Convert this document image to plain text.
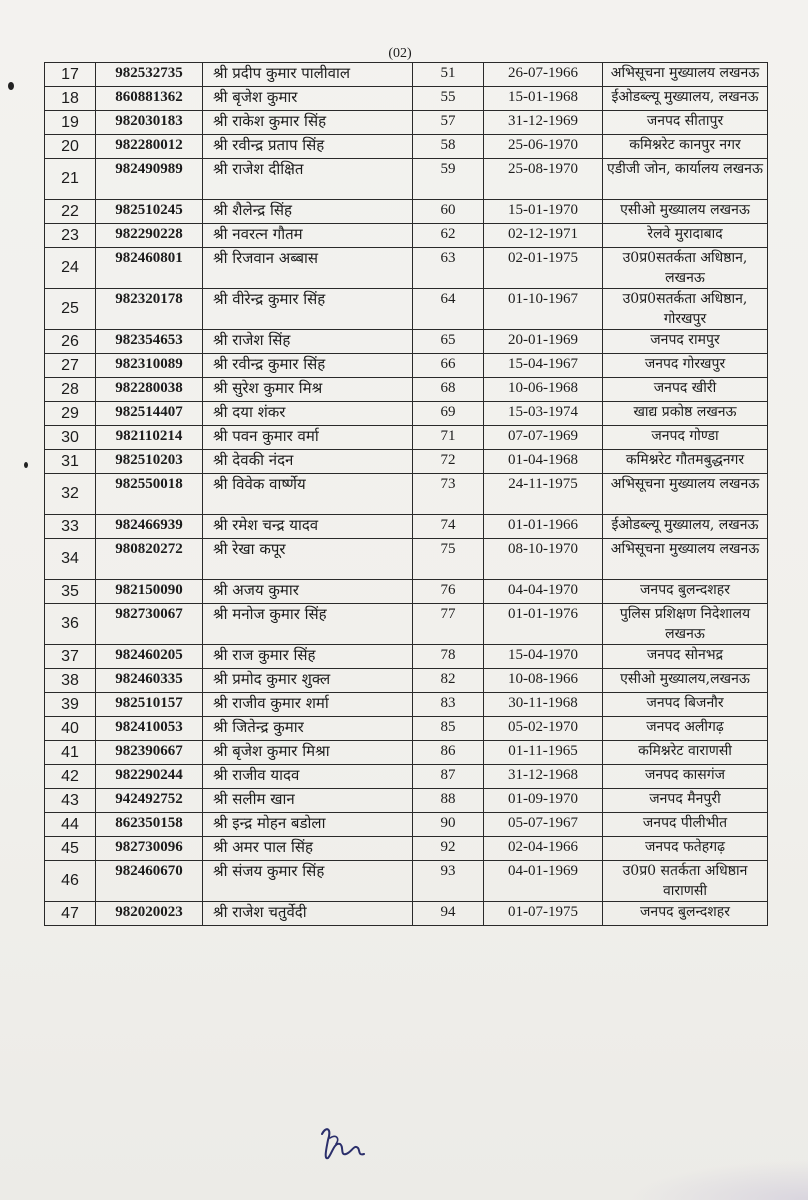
(02)
17	982532735	श्री प्रदीप कुमार पालीवाल	51	26-07-1966	अभिसूचना मुख्यालय लखनऊ
18	860881362	श्री बृजेश कुमार	55	15-01-1968	ईओडब्ल्यू मुख्यालय, लखनऊ
19	982030183	श्री राकेश कुमार सिंह	57	31-12-1969	जनपद सीतापुर
20	982280012	श्री रवीन्द्र प्रताप सिंह	58	25-06-1970	कमिश्नरेट कानपुर नगर
21	982490989	श्री राजेश दीक्षित	59	25-08-1970	एडीजी जोन, कार्यालय लखनऊ
22	982510245	श्री शैलेन्द्र सिंह	60	15-01-1970	एसीओ मुख्यालय लखनऊ
23	982290228	श्री नवरत्न गौतम	62	02-12-1971	रेलवे मुरादाबाद
24	982460801	श्री रिजवान अब्बास	63	02-01-1975	उ0प्र0सतर्कता अधिष्ठान, लखनऊ
25	982320178	श्री वीरेन्द्र कुमार सिंह	64	01-10-1967	उ0प्र0सतर्कता अधिष्ठान, गोरखपुर
26	982354653	श्री राजेश सिंह	65	20-01-1969	जनपद रामपुर
27	982310089	श्री रवीन्द्र कुमार सिंह	66	15-04-1967	जनपद गोरखपुर
28	982280038	श्री सुरेश कुमार मिश्र	68	10-06-1968	जनपद खीरी
29	982514407	श्री दया शंकर	69	15-03-1974	खाद्य प्रकोष्ठ लखनऊ
30	982110214	श्री पवन कुमार वर्मा	71	07-07-1969	जनपद गोण्डा
31	982510203	श्री देवकी नंदन	72	01-04-1968	कमिश्नरेट गौतमबुद्धनगर
32	982550018	श्री विवेक वार्ष्णेय	73	24-11-1975	अभिसूचना मुख्यालय लखनऊ
33	982466939	श्री रमेश चन्द्र यादव	74	01-01-1966	ईओडब्ल्यू मुख्यालय, लखनऊ
34	980820272	श्री रेखा कपूर	75	08-10-1970	अभिसूचना मुख्यालय लखनऊ
35	982150090	श्री अजय कुमार	76	04-04-1970	जनपद बुलन्दशहर
36	982730067	श्री मनोज कुमार सिंह	77	01-01-1976	पुलिस प्रशिक्षण निदेशालय लखनऊ
37	982460205	श्री राज कुमार सिंह	78	15-04-1970	जनपद सोनभद्र
38	982460335	श्री प्रमोद कुमार शुक्ल	82	10-08-1966	एसीओ मुख्यालय,लखनऊ
39	982510157	श्री राजीव कुमार शर्मा	83	30-11-1968	जनपद बिजनौर
40	982410053	श्री जितेन्द्र कुमार	85	05-02-1970	जनपद अलीगढ़
41	982390667	श्री बृजेश कुमार मिश्रा	86	01-11-1965	कमिश्नरेट वाराणसी
42	982290244	श्री राजीव यादव	87	31-12-1968	जनपद कासगंज
43	942492752	श्री सलीम खान	88	01-09-1970	जनपद मैनपुरी
44	862350158	श्री इन्द्र मोहन बडोला	90	05-07-1967	जनपद पीलीभीत
45	982730096	श्री अमर पाल सिंह	92	02-04-1966	जनपद फतेहगढ़
46	982460670	श्री संजय कुमार सिंह	93	04-01-1969	उ0प्र0 सतर्कता अधिष्ठान वाराणसी
47	982020023	श्री राजेश चतुर्वेदी	94	01-07-1975	जनपद बुलन्दशहर
